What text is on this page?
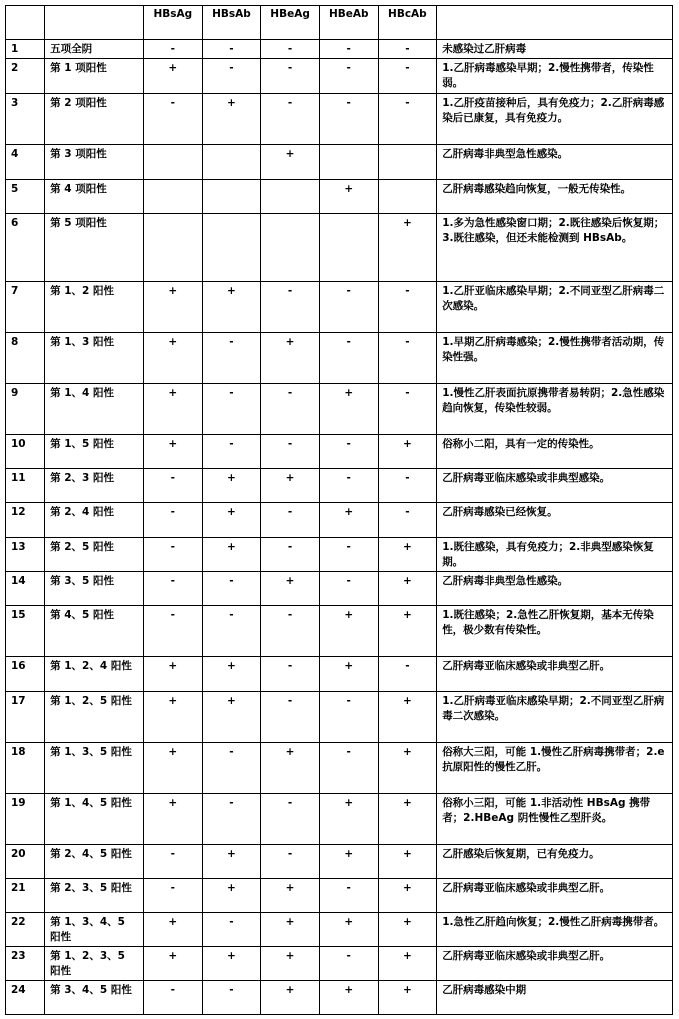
		HBsAg	HBsAb	HBeAg	HBeAb	HBcAb	
1	五项全阴	-	-	-	-	-	未感染过乙肝病毒
2	第 1 项阳性	+	-	-	-	-	1.乙肝病毒感染早期；2.慢性携带者，传染性弱。
3	第 2 项阳性	-	+	-	-	-	1.乙肝疫苗接种后，具有免疫力；2.乙肝病毒感染后已康复，具有免疫力。
4	第 3 项阳性			+			乙肝病毒非典型急性感染。
5	第 4 项阳性				+		乙肝病毒感染趋向恢复，一般无传染性。
6	第 5 项阳性					+	1.多为急性感染窗口期；2.既往感染后恢复期；3.既往感染，但还未能检测到 HBsAb。
7	第 1、2 阳性	+	+	-	-	-	1.乙肝亚临床感染早期；2.不同亚型乙肝病毒二次感染。
8	第 1、3 阳性	+	-	+	-	-	1.早期乙肝病毒感染；2.慢性携带者活动期，传染性强。
9	第 1、4 阳性	+	-	-	+	-	1.慢性乙肝表面抗原携带者易转阴；2.急性感染趋向恢复，传染性较弱。
10	第 1、5 阳性	+	-	-	-	+	俗称小二阳，具有一定的传染性。
11	第 2、3 阳性	-	+	+	-	-	乙肝病毒亚临床感染或非典型感染。
12	第 2、4 阳性	-	+	-	+	-	乙肝病毒感染已经恢复。
13	第 2、5 阳性	-	+	-	-	+	1.既往感染，具有免疫力；2.非典型感染恢复期。
14	第 3、5 阳性	-	-	+	-	+	乙肝病毒非典型急性感染。
15	第 4、5 阳性	-	-	-	+	+	1.既往感染；2.急性乙肝恢复期，基本无传染性，极少数有传染性。
16	第 1、2、4 阳性	+	+	-	+	-	乙肝病毒亚临床感染或非典型乙肝。
17	第 1、2、5 阳性	+	+	-	-	+	1.乙肝病毒亚临床感染早期；2.不同亚型乙肝病毒二次感染。
18	第 1、3、5 阳性	+	-	+	-	+	俗称大三阳，可能 1.慢性乙肝病毒携带者；2.e 抗原阳性的慢性乙肝。
19	第 1、4、5 阳性	+	-	-	+	+	俗称小三阳，可能 1.非活动性 HBsAg 携带者；2.HBeAg 阴性慢性乙型肝炎。
20	第 2、4、5 阳性	-	+	-	+	+	乙肝感染后恢复期，已有免疫力。
21	第 2、3、5 阳性	-	+	+	-	+	乙肝病毒亚临床感染或非典型乙肝。
22	第 1、3、4、5 阳性	+	-	+	+	+	1.急性乙肝趋向恢复；2.慢性乙肝病毒携带者。
23	第 1、2、3、5 阳性	+	+	+	-	+	乙肝病毒亚临床感染或非典型乙肝。
24	第 3、4、5 阳性	-	-	+	+	+	乙肝病毒感染中期
